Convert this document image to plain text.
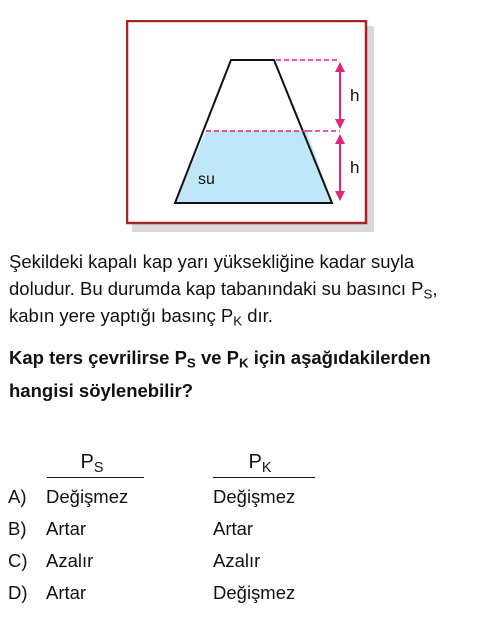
su
h
h

Şekildeki kapalı kap yarı yüksekliğine kadar suyla
doludur. Bu durumda kap tabanındaki su basıncı $P_S$,
kabın yere yaptığı basınç $P_K$ dır.

Kap ters çevrilirse $P_S$ ve $P_K$ için aşağıdakilerden
hangisi söylenebilir?

$P_S$	$P_K$
A) Değişmez	Değişmez
B) Artar	Artar
C) Azalır	Azalır
D) Artar	Değişmez
